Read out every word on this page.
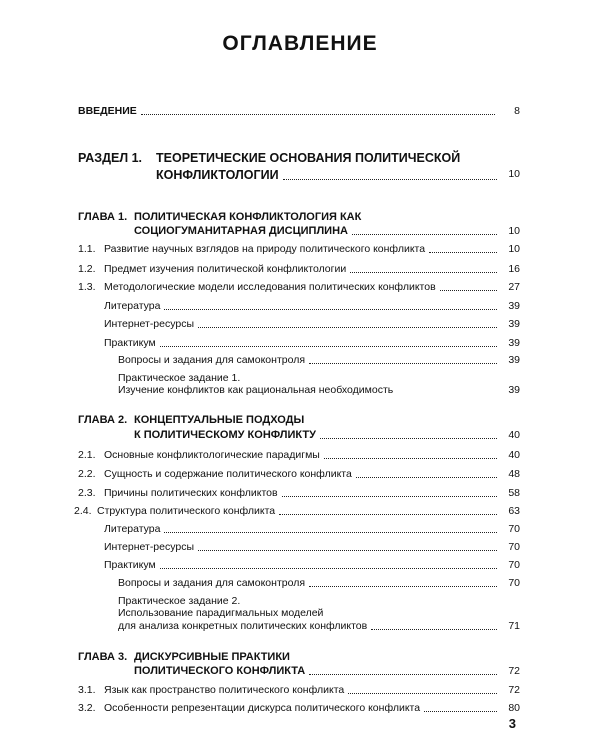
ОГЛАВЛЕНИЕ
ВВЕДЕНИЕ	8
РАЗДЕЛ 1. ТЕОРЕТИЧЕСКИЕ ОСНОВАНИЯ ПОЛИТИЧЕСКОЙ
КОНФЛИКТОЛОГИИ	10
ГЛАВА 1. ПОЛИТИЧЕСКАЯ КОНФЛИКТОЛОГИЯ КАК
СОЦИОГУМАНИТАРНАЯ ДИСЦИПЛИНА	10
1.1. Развитие научных взглядов на природу политического конфликта	10
1.2. Предмет изучения политической конфликтологии	16
1.3. Методологические модели исследования политических конфликтов	27
Литература	39
Интернет-ресурсы	39
Практикум	39
Вопросы и задания для самоконтроля	39
Практическое задание 1.
Изучение конфликтов как рациональная необходимость	39
ГЛАВА 2. КОНЦЕПТУАЛЬНЫЕ ПОДХОДЫ
К ПОЛИТИЧЕСКОМУ КОНФЛИКТУ	40
2.1. Основные конфликтологические парадигмы	40
2.2. Сущность и содержание политического конфликта	48
2.3. Причины политических конфликтов	58
2.4. Структура политического конфликта	63
Литература	70
Интернет-ресурсы	70
Практикум	70
Вопросы и задания для самоконтроля	70
Практическое задание 2.
Использование парадигмальных моделей
для анализа конкретных политических конфликтов	71
ГЛАВА 3. ДИСКУРСИВНЫЕ ПРАКТИКИ
ПОЛИТИЧЕСКОГО КОНФЛИКТА	72
3.1. Язык как пространство политического конфликта	72
3.2. Особенности репрезентации дискурса политического конфликта	80
3
